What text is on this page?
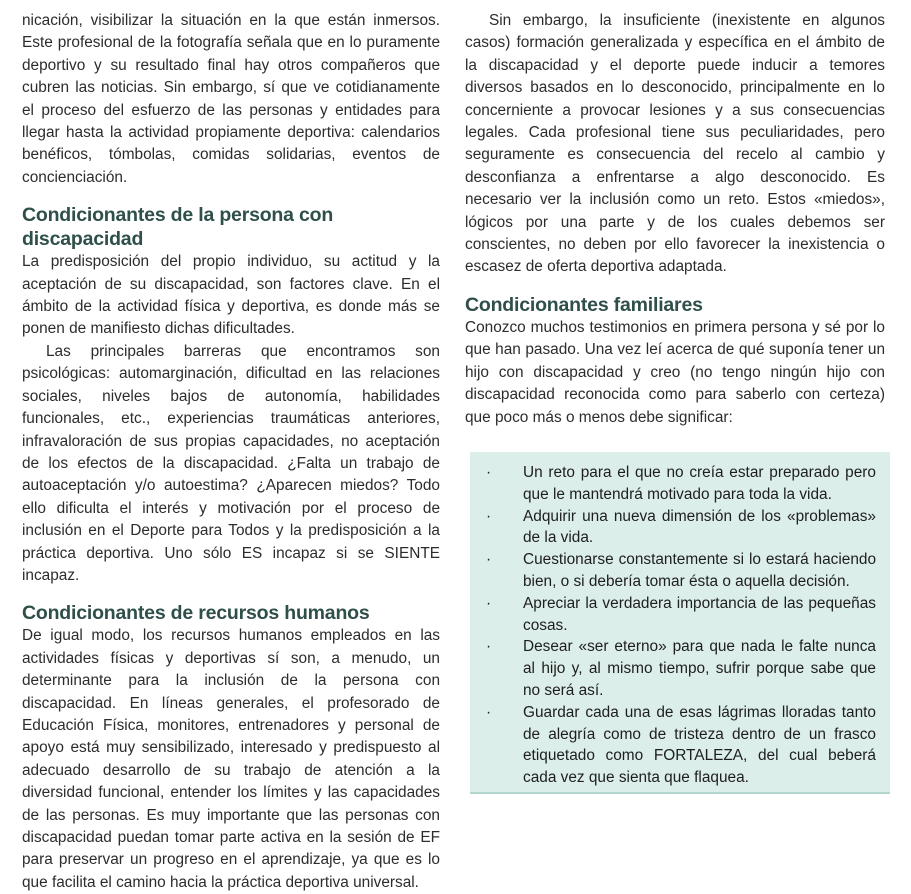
nicación, visibilizar la situación en la que están inmersos. Este profesional de la fotografía señala que en lo puramente deportivo y su resultado final hay otros compañeros que cubren las noticias. Sin embargo, sí que ve cotidianamente el proceso del esfuerzo de las personas y entidades para llegar hasta la actividad propiamente deportiva: calendarios benéficos, tómbolas, comidas solidarias, eventos de concienciación.

Condicionantes de la persona con discapacidad

La predisposición del propio individuo, su actitud y la aceptación de su discapacidad, son factores clave. En el ámbito de la actividad física y deportiva, es donde más se ponen de manifiesto dichas dificultades.

Las principales barreras que encontramos son psicológicas: automarginación, dificultad en las relaciones sociales, niveles bajos de autonomía, habilidades funcionales, etc., experiencias traumáticas anteriores, infravaloración de sus propias capacidades, no aceptación de los efectos de la discapacidad. ¿Falta un trabajo de autoaceptación y/o autoestima? ¿Aparecen miedos? Todo ello dificulta el interés y motivación por el proceso de inclusión en el Deporte para Todos y la predisposición a la práctica deportiva. Uno sólo ES incapaz si se SIENTE incapaz.

Condicionantes de recursos humanos

De igual modo, los recursos humanos empleados en las actividades físicas y deportivas sí son, a menudo, un determinante para la inclusión de la persona con discapacidad. En líneas generales, el profesorado de Educación Física, monitores, entrenadores y personal de apoyo está muy sensibilizado, interesado y predispuesto al adecuado desarrollo de su trabajo de atención a la diversidad funcional, entender los límites y las capacidades de las personas. Es muy importante que las personas con discapacidad puedan tomar parte activa en la sesión de EF para preservar un progreso en el aprendizaje, ya que es lo que facilita el camino hacia la práctica deportiva universal.

Sin embargo, la insuficiente (inexistente en algunos casos) formación generalizada y específica en el ámbito de la discapacidad y el deporte puede inducir a temores diversos basados en lo desconocido, principalmente en lo concerniente a provocar lesiones y a sus consecuencias legales. Cada profesional tiene sus peculiaridades, pero seguramente es consecuencia del recelo al cambio y desconfianza a enfrentarse a algo desconocido. Es necesario ver la inclusión como un reto. Estos «miedos», lógicos por una parte y de los cuales debemos ser conscientes, no deben por ello favorecer la inexistencia o escasez de oferta deportiva adaptada.

Condicionantes familiares

Conozco muchos testimonios en primera persona y sé por lo que han pasado. Una vez leí acerca de qué suponía tener un hijo con discapacidad y creo (no tengo ningún hijo con discapacidad reconocida como para saberlo con certeza) que poco más o menos debe significar:

· Un reto para el que no creía estar preparado pero que le mantendrá motivado para toda la vida.
· Adquirir una nueva dimensión de los «problemas» de la vida.
· Cuestionarse constantemente si lo estará haciendo bien, o si debería tomar ésta o aquella decisión.
· Apreciar la verdadera importancia de las pequeñas cosas.
· Desear «ser eterno» para que nada le falte nunca al hijo y, al mismo tiempo, sufrir porque sabe que no será así.
· Guardar cada una de esas lágrimas lloradas tanto de alegría como de tristeza dentro de un frasco etiquetado como FORTALEZA, del cual beberá cada vez que sienta que flaquea.
